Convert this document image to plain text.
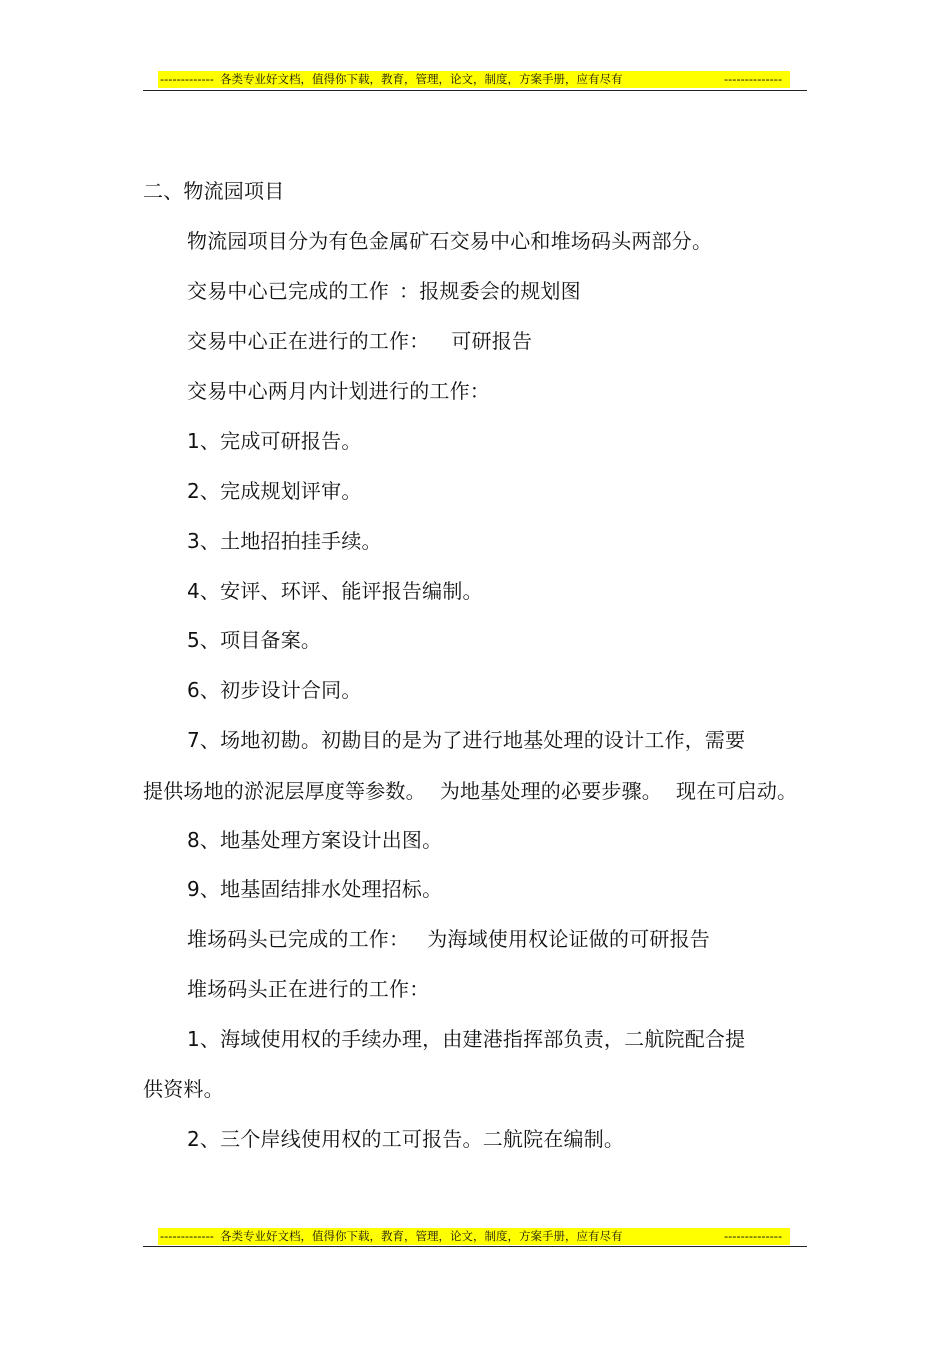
------------- 各类专业好文档，值得你下载，教育，管理，论文，制度，方案手册，应有尽有	--------------
二、物流园项目
物流园项目分为有色金属矿石交易中心和堆场码头两部分。
交易中心已完成的工作 ：报规委会的规划图
交易中心正在进行的工作： 可研报告
交易中心两月内计划进行的工作：
1、完成可研报告。
2、完成规划评审。
3、土地招拍挂手续。
4、安评、环评、能评报告编制。
5、项目备案。
6、初步设计合同。
7、场地初勘。初勘目的是为了进行地基处理的设计工作，需要
提供场地的淤泥层厚度等参数。 为地基处理的必要步骤。 现在可启动。
8、地基处理方案设计出图。
9、地基固结排水处理招标。
堆场码头已完成的工作： 为海域使用权论证做的可研报告
堆场码头正在进行的工作：
1、海域使用权的手续办理，由建港指挥部负责，二航院配合提
供资料。
2、三个岸线使用权的工可报告。二航院在编制。
------------- 各类专业好文档，值得你下载，教育，管理，论文，制度，方案手册，应有尽有	--------------
